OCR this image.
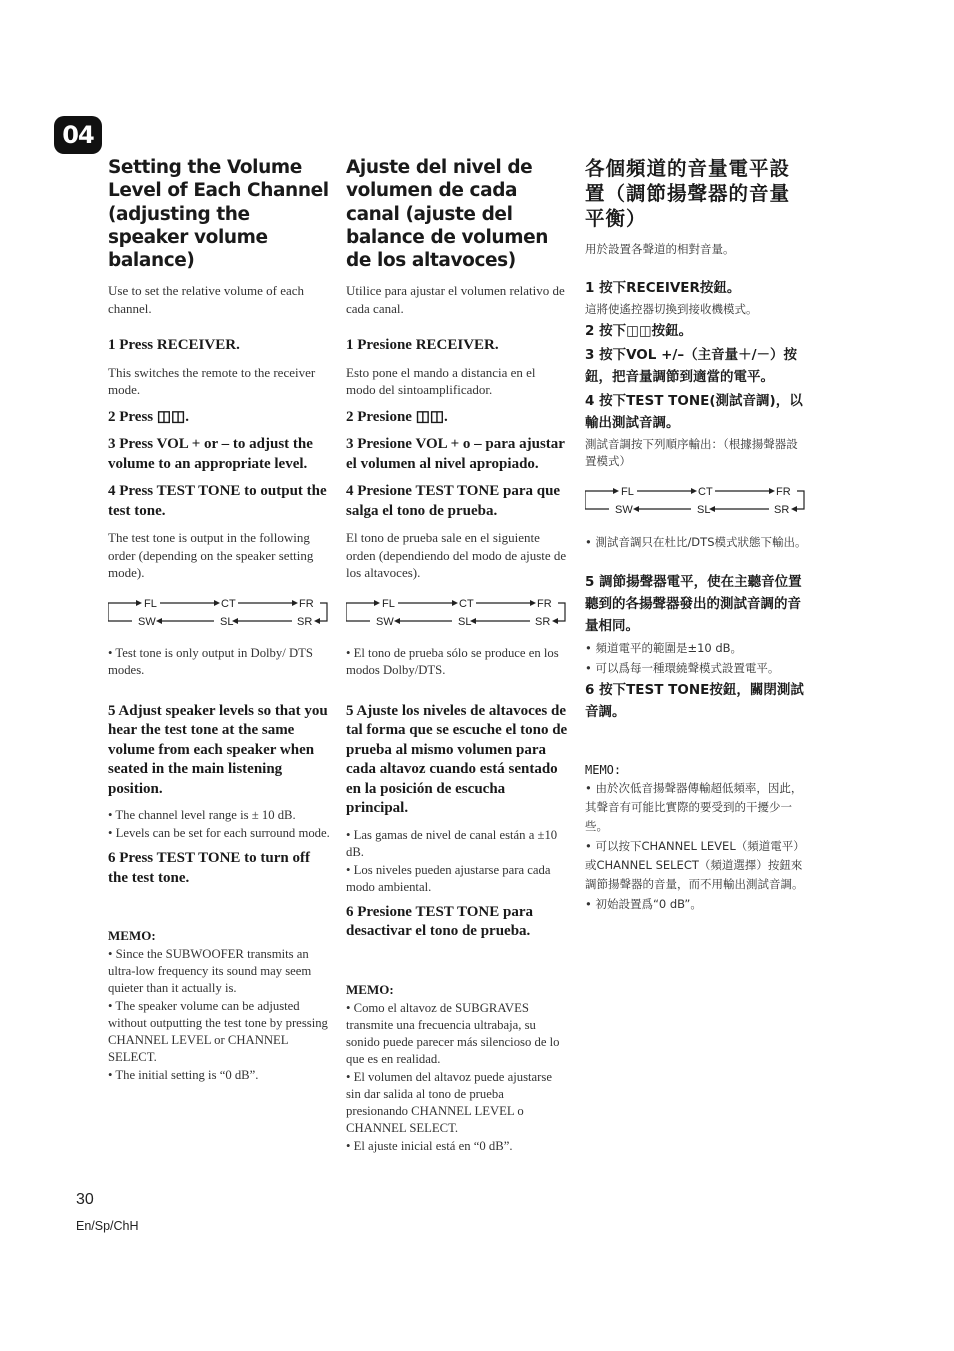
04
Setting the Volume Level of Each Channel (adjusting the speaker volume balance)

Use to set the relative volume of each channel.

1 Press RECEIVER.

This switches the remote to the receiver mode.

2 Press ◫◫.

3 Press VOL + or – to adjust the volume to an appropriate level.

4 Press TEST TONE to output the test tone.

The test tone is output in the following order (depending on the speaker setting mode).

FL	CT	FR
SW	SL	SR

• Test tone is only output in Dolby/ DTS modes.

5 Adjust speaker levels so that you hear the test tone at the same volume from each speaker when seated in the main listening position.

• The channel level range is ± 10 dB.

• Levels can be set for each surround mode.

6 Press TEST TONE to turn off the test tone.

MEMO:

• Since the SUBWOOFER transmits an ultra-low frequency its sound may seem quieter than it actually is.

• The speaker volume can be adjusted without outputting the test tone by pressing CHANNEL LEVEL or CHANNEL SELECT.

• The initial setting is “0 dB”.

Ajuste del nivel de volumen de cada canal (ajuste del balance de volumen de los altavoces)

Utilice para ajustar el volumen relativo de cada canal.

1 Presione RECEIVER.

Esto pone el mando a distancia en el modo del sintoamplificador.

2 Presione ◫◫.

3 Presione VOL + o – para ajustar el volumen al nivel apropiado.

4 Presione TEST TONE para que salga el tono de prueba.

El tono de prueba sale en el siguiente orden (dependiendo del modo de ajuste de los altavoces).

FL	CT	FR
SW	SL	SR

• El tono de prueba sólo se produce en los modos Dolby/DTS.

5 Ajuste los niveles de altavoces de tal forma que se escuche el tono de prueba al mismo volumen para cada altavoz cuando está sentado en la posición de escucha principal.

• Las gamas de nivel de canal están a ±10 dB.

• Los niveles pueden ajustarse para cada modo ambiental.

6 Presione TEST TONE para desactivar el tono de prueba.

MEMO:

• Como el altavoz de SUBGRAVES transmite una frecuencia ultrabaja, su sonido puede parecer más silencioso de lo que es en realidad.

• El volumen del altavoz puede ajustarse sin dar salida al tono de prueba presionando CHANNEL LEVEL o CHANNEL SELECT.

• El ajuste inicial está en “0 dB”.

各個頻道的音量電平設置（調節揚聲器的音量平衡）

用於設置各聲道的相對音量。

1 按下RECEIVER按鈕。

這將使遙控器切換到接收機模式。

2 按下◫◫按鈕。

3 按下VOL +/–（主音量＋/－）按鈕，把音量調節到適當的電平。

4 按下TEST TONE(測試音調)，以輸出測試音調。

測試音調按下列順序輸出：（根據揚聲器設置模式）

FL	CT	FR
SW	SL	SR

• 測試音調只在杜比/DTS模式狀態下輸出。

5 調節揚聲器電平，使在主聽音位置聽到的各揚聲器發出的測試音調的音量相同。

• 頻道電平的範圍是±10 dB。

• 可以爲每一種環繞聲模式設置電平。

6 按下TEST TONE按鈕，關閉測試音調。

MEMO:

• 由於次低音揚聲器傳輸超低頻率，因此，其聲音有可能比實際的要受到的干擾少一些。

• 可以按下CHANNEL LEVEL（頻道電平）或CHANNEL SELECT（頻道選擇）按鈕來調節揚聲器的音量，而不用輸出測試音調。

• 初始設置爲“0 dB”。

30
En/Sp/ChH
